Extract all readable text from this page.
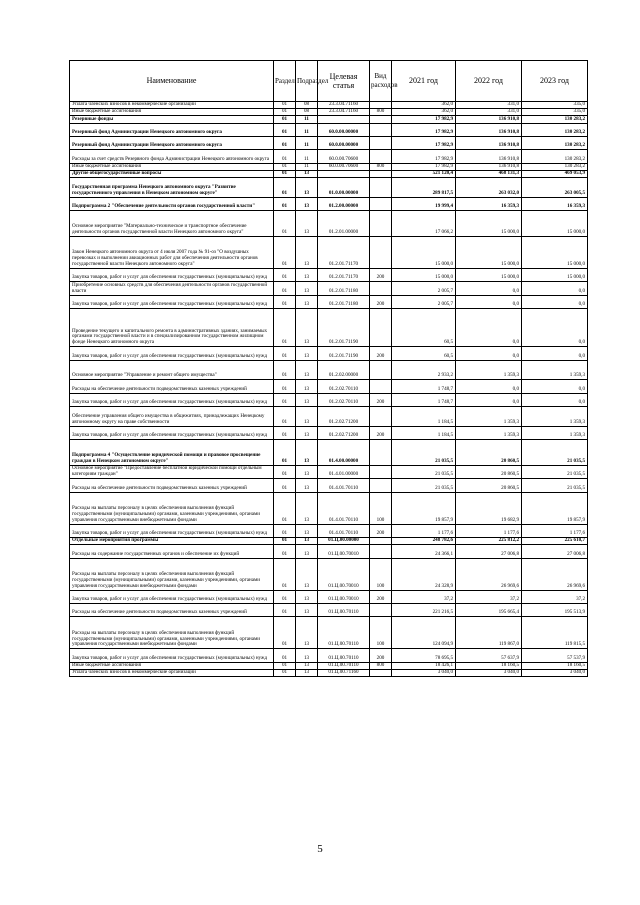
Наименование	Раздел	Подраздел	Целевая статья	Вид расходов	2021 год	2022 год	2023 год
Уплата членских взносов в некоммерческие организации	01	08	23.3.04.71160		362,0	331,0	335,0
Иные бюджетные ассигнования	01	08	23.3.04.71160	800	362,0	331,0	335,0
Резервные фонды	01	11			17 982,9	136 910,8	130 283,2
Резервный фонд Администрации Ненецкого автономного округа	01	11	60.0.00.00000		17 982,9	136 910,8	130 283,2
Резервный фонд Администрации Ненецкого автономного округа	01	11	60.0.00.00000		17 982,9	136 910,8	130 283,2
Расходы за счет средств Резервного фонда Администрации Ненецкого автономного округа	01	11	60.0.00.70600		17 982,9	136 910,8	130 283,2
Иные бюджетные ассигнования	01	11	60.0.00.70600	800	17 982,9	136 910,8	130 283,2
Другие общегосударственные вопросы	01	13			521 120,4	468 131,3	469 053,9
Государственная программа Ненецкого автономного округа "Развитие государственного управления в Ненецком автономном округе"	01	13	01.0.00.00000		289 817,5	263 032,0	263 005,5
Подпрограмма 2 "Обеспечение деятельности органов государственной власти"	01	13	01.2.00.00000		19 999,4	16 359,3	16 359,3
Основное мероприятие "Материально-техническое и транспортное обеспечение деятельности органов государственной власти Ненецкого автономного округа"	01	13	01.2.01.00000		17 066,2	15 000,0	15 000,0
Закон Ненецкого автономного округа от 4 июля 2007 года № 91-оз "О воздушных перевозках и выполнении авиационных работ для обеспечения деятельности органов государственной власти Ненецкого автономного округа"	01	13	01.2.01.71170		15 000,0	15 000,0	15 000,0
Закупка товаров, работ и услуг для обеспечения государственных (муниципальных) нужд	01	13	01.2.01.71170	200	15 000,0	15 000,0	15 000,0
Приобретение основных средств для обеспечения деятельности органов государственной власти	01	13	01.2.01.71180		2 005,7	0,0	0,0
Закупка товаров, работ и услуг для обеспечения государственных (муниципальных) нужд	01	13	01.2.01.71180	200	2 005,7	0,0	0,0
Проведение текущего и капитального ремонта в административных зданиях, занимаемых органами государственной власти и в специализированном государственном жилищном фонде Ненецкого автономного округа	01	13	01.2.01.71190		60,5	0,0	0,0
Закупка товаров, работ и услуг для обеспечения государственных (муниципальных) нужд	01	13	01.2.01.71190	200	60,5	0,0	0,0
Основное мероприятие "Управление и ремонт общего имущества"	01	13	01.2.02.00000		2 933,2	1 359,3	1 359,3
Расходы на обеспечение деятельности подведомственных казенных учреждений	01	13	01.2.02.70110		1 748,7	0,0	0,0
Закупка товаров, работ и услуг для обеспечения государственных (муниципальных) нужд	01	13	01.2.02.70110	200	1 748,7	0,0	0,0
Обеспечение управления общего имущества в общежитиях, принадлежащих Ненецкому автономному округу на праве собственности	01	13	01.2.02.71200		1 184,5	1 359,3	1 359,3
Закупка товаров, работ и услуг для обеспечения государственных (муниципальных) нужд	01	13	01.2.02.71200	200	1 184,5	1 359,3	1 359,3
Подпрограмма 4 "Осуществление юридической помощи и правовое просвещение граждан в Ненецком автономном округе"	01	13	01.4.00.00000		21 035,5	20 860,5	21 035,5
Основное мероприятие "Предоставление бесплатной юридической помощи отдельным категориям граждан"	01	13	01.4.01.00000		21 035,5	20 860,5	21 035,5
Расходы на обеспечение деятельности подведомственных казенных учреждений	01	13	01.4.01.70110		21 035,5	20 860,5	21 035,5
Расходы на выплаты персоналу в целях обеспечения выполнения функций государственными (муниципальными) органами, казенными учреждениями, органами управления государственными внебюджетными фондами	01	13	01.4.01.70110	100	19 857,9	19 682,9	19 857,9
Закупка товаров, работ и услуг для обеспечения государственных (муниципальных) нужд	01	13	01.4.01.70110	200	1 177,6	1 177,6	1 177,6
Отдельные мероприятия программы	01	13	01.Ц.00.00000		248 782,6	225 812,2	225 610,7
Расходы на содержание государственных органов и обеспечение их функций	01	13	01.Ц.00.70010		24 366,1	27 006,8	27 006,8
Расходы на выплаты персоналу в целях обеспечения выполнения функций государственными (муниципальными) органами, казенными учреждениями, органами управления государственными внебюджетными фондами	01	13	01.Ц.00.70010	100	24 328,9	26 969,6	26 969,6
Закупка товаров, работ и услуг для обеспечения государственных (муниципальных) нужд	01	13	01.Ц.00.70010	200	37,2	37,2	37,2
Расходы на обеспечение деятельности подведомственных казенных учреждений	01	13	01.Ц.00.70110		221 216,5	195 665,4	195 513,9
Расходы на выплаты персоналу в целях обеспечения выполнения функций государственными (муниципальными) органами, казенными учреждениями, органами управления государственными внебюджетными фондами	01	13	01.Ц.00.70110	100	124 094,9	119 867,0	119 815,5
Закупка товаров, работ и услуг для обеспечения государственных (муниципальных) нужд	01	13	01.Ц.00.70110	200	78 695,5	57 637,9	57 537,9
Иные бюджетные ассигнования	01	13	01.Ц.00.70110	800	18 426,1	18 160,5	18 160,5
Уплата членских взносов в некоммерческие организации	01	13	01.Ц.00.71160		3 040,0	3 040,0	3 040,0
5
